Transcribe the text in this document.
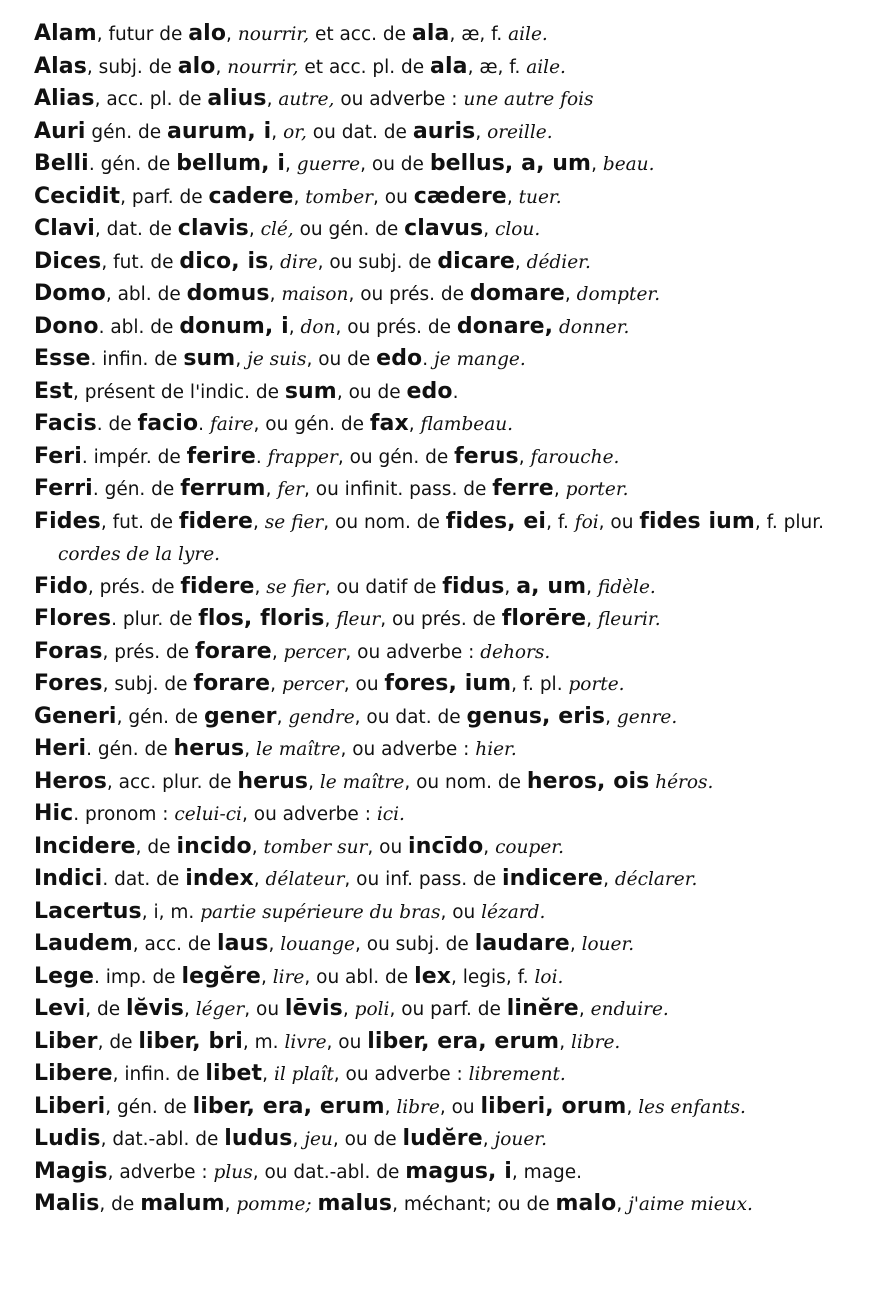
Alam, futur de alo, nourrir, et acc. de ala, æ, f. aile.
Alas, subj. de alo, nourrir, et acc. pl. de ala, æ, f. aile.
Alias, acc. pl. de alius, autre, ou adverbe : une autre fois
Auri gén. de aurum, i, or, ou dat. de auris, oreille.
Belli. gén. de bellum, i, guerre, ou de bellus, a, um, beau.
Cecidit, parf. de cadere, tomber, ou cædere, tuer.
Clavi, dat. de clavis, clé, ou gén. de clavus, clou.
Dices, fut. de dico, is, dire, ou subj. de dicare, dédier.
Domo, abl. de domus, maison, ou prés. de domare, dompter.
Dono. abl. de donum, i, don, ou prés. de donare, donner.
Esse. infin. de sum, je suis, ou de edo. je mange.
Est, présent de l'indic. de sum, ou de edo.
Facis. de facio. faire, ou gén. de fax, flambeau.
Feri. impér. de ferire. frapper, ou gén. de ferus, farouche.
Ferri. gén. de ferrum, fer, ou infinit. pass. de ferre, porter.
Fides, fut. de fidere, se fier, ou nom. de fides, ei, f. foi, ou fides ium, f. plur. cordes de la lyre.
Fido, prés. de fidere, se fier, ou datif de fidus, a, um, fidèle.
Flores. plur. de flos, floris, fleur, ou prés. de florēre, fleurir.
Foras, prés. de forare, percer, ou adverbe : dehors.
Fores, subj. de forare, percer, ou fores, ium, f. pl. porte.
Generi, gén. de gener, gendre, ou dat. de genus, eris, genre.
Heri. gén. de herus, le maître, ou adverbe : hier.
Heros, acc. plur. de herus, le maître, ou nom. de heros, ois héros.
Hic. pronom : celui-ci, ou adverbe : ici.
Incidere, de incido, tomber sur, ou incīdo, couper.
Indici. dat. de index, délateur, ou inf. pass. de indicere, déclarer.
Lacertus, i, m. partie supérieure du bras, ou lézard.
Laudem, acc. de laus, louange, ou subj. de laudare, louer.
Lege. imp. de legĕre, lire, ou abl. de lex, legis, f. loi.
Levi, de lĕvis, léger, ou lēvis, poli, ou parf. de linĕre, enduire.
Liber, de liber, bri, m. livre, ou liber, era, erum, libre.
Libere, infin. de libet, il plaît, ou adverbe : librement.
Liberi, gén. de liber, era, erum, libre, ou liberi, orum, les enfants.
Ludis, dat.-abl. de ludus, jeu, ou de ludĕre, jouer.
Magis, adverbe : plus, ou dat.-abl. de magus, i, mage.
Malis, de malum, pomme; malus, méchant; ou de malo, j'aime mieux.
